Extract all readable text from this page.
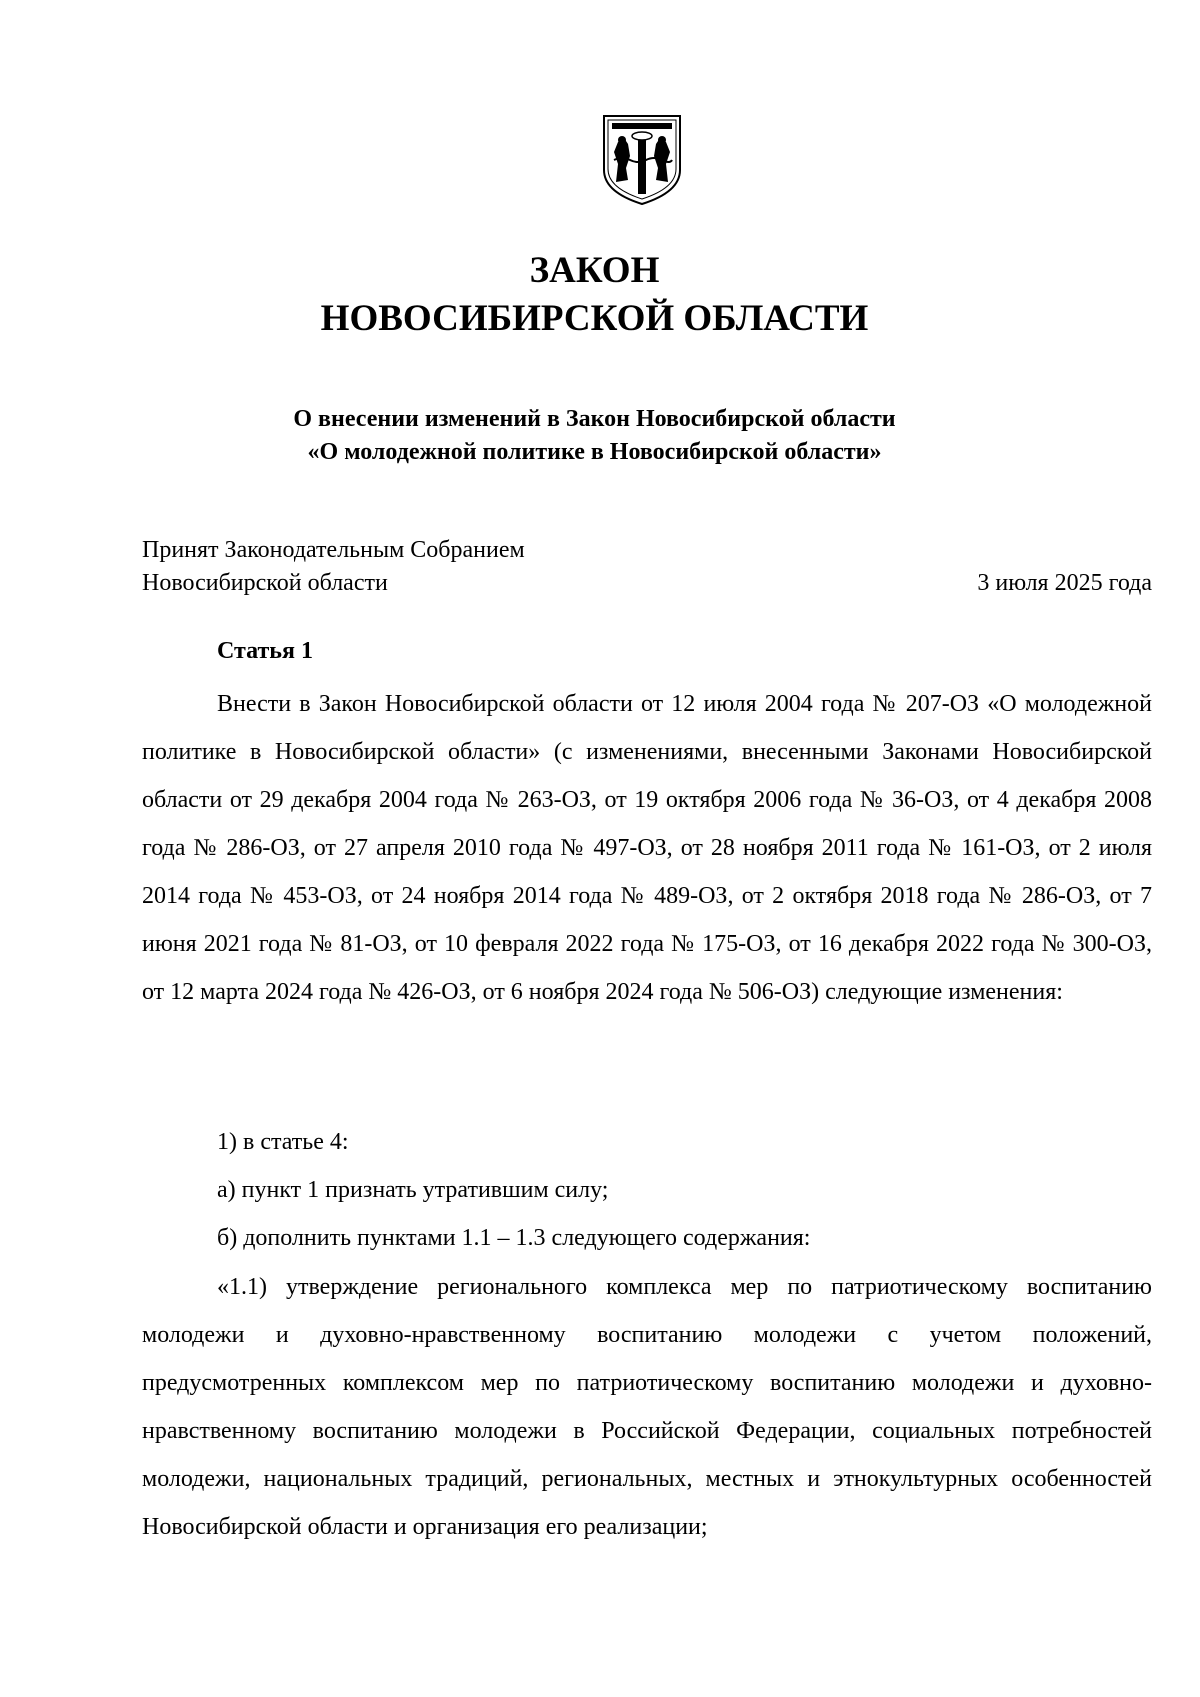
ЗАКОН
НОВОСИБИРСКОЙ ОБЛАСТИ
О внесении изменений в Закон Новосибирской области
«О молодежной политике в Новосибирской области»
Принят Законодательным Собранием
Новосибирской области	3 июля 2025 года
Статья 1

Внести в Закон Новосибирской области от 12 июля 2004 года № 207-ОЗ «О молодежной политике в Новосибирской области» (с изменениями, внесенными Законами Новосибирской области от 29 декабря 2004 года № 263-ОЗ, от 19 октября 2006 года № 36-ОЗ, от 4 декабря 2008 года № 286-ОЗ, от 27 апреля 2010 года № 497-ОЗ, от 28 ноября 2011 года № 161-ОЗ, от 2 июля 2014 года № 453-ОЗ, от 24 ноября 2014 года № 489-ОЗ, от 2 октября 2018 года № 286-ОЗ, от 7 июня 2021 года № 81-ОЗ, от 10 февраля 2022 года № 175-ОЗ, от 16 декабря 2022 года № 300-ОЗ, от 12 марта 2024 года № 426-ОЗ, от 6 ноября 2024 года № 506-ОЗ) следующие изменения:

1) в статье 4:

а) пункт 1 признать утратившим силу;

б) дополнить пунктами 1.1 – 1.3 следующего содержания:

«1.1) утверждение регионального комплекса мер по патриотическому воспитанию молодежи и духовно-нравственному воспитанию молодежи с учетом положений, предусмотренных комплексом мер по патриотическому воспитанию молодежи и духовно-нравственному воспитанию молодежи в Российской Федерации, социальных потребностей молодежи, национальных традиций, региональных, местных и этнокультурных особенностей Новосибирской области и организация его реализации;
